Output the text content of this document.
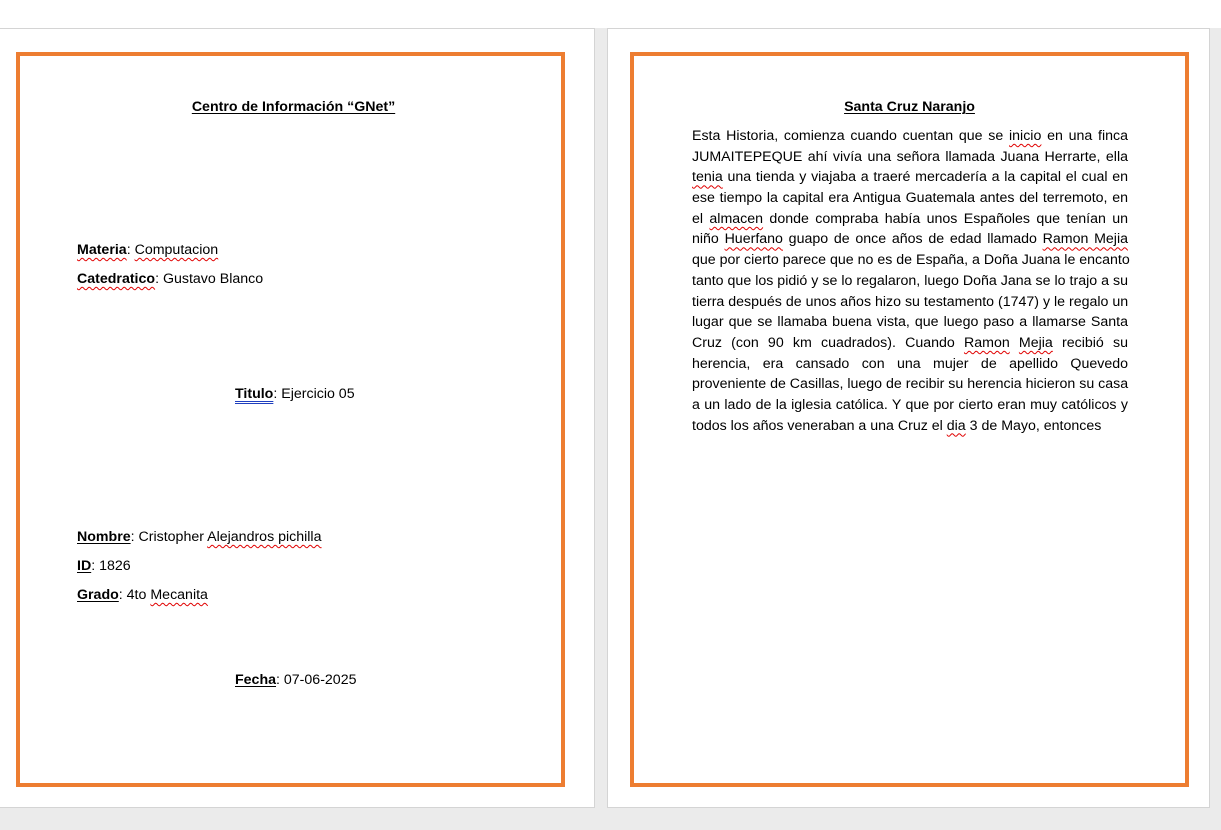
Centro de Información “GNet”
Materia: Computacion
Catedratico: Gustavo Blanco
Titulo: Ejercicio 05
Nombre: Cristopher Alejandros pichilla
ID: 1826
Grado: 4to Mecanita
Fecha: 07-06-2025
Santa Cruz Naranjo
Esta Historia, comienza cuando cuentan que se inicio en una finca
JUMAITEPEQUE ahí vivía una señora llamada Juana Herrarte, ella
tenia una tienda y viajaba a traeré mercadería a la capital el cual en
ese tiempo la capital era Antigua Guatemala antes del terremoto, en
el almacen donde compraba había unos Españoles que tenían un
niño Huerfano guapo de once años de edad llamado Ramon Mejia
que por cierto parece que no es de España, a Doña Juana le encanto
tanto que los pidió y se lo regalaron, luego Doña Jana se lo trajo a su
tierra después de unos años hizo su testamento (1747) y le regalo un
lugar que se llamaba buena vista, que luego paso a llamarse Santa
Cruz (con 90 km cuadrados). Cuando Ramon Mejia recibió su
herencia, era cansado con una mujer de apellido Quevedo
proveniente de Casillas, luego de recibir su herencia hicieron su casa
a un lado de la iglesia católica. Y que por cierto eran muy católicos y
todos los años veneraban a una Cruz el dia 3 de Mayo, entonces
